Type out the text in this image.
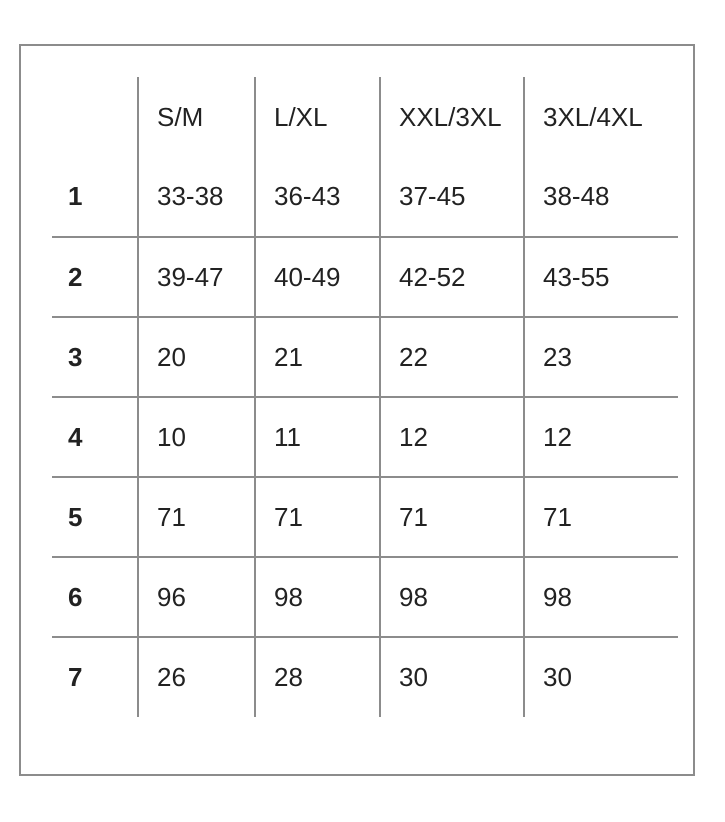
	S/M	L/XL	XXL/3XL	3XL/4XL
1	33-38	36-43	37-45	38-48
2	39-47	40-49	42-52	43-55
3	20	21	22	23
4	10	11	12	12
5	71	71	71	71
6	96	98	98	98
7	26	28	30	30
